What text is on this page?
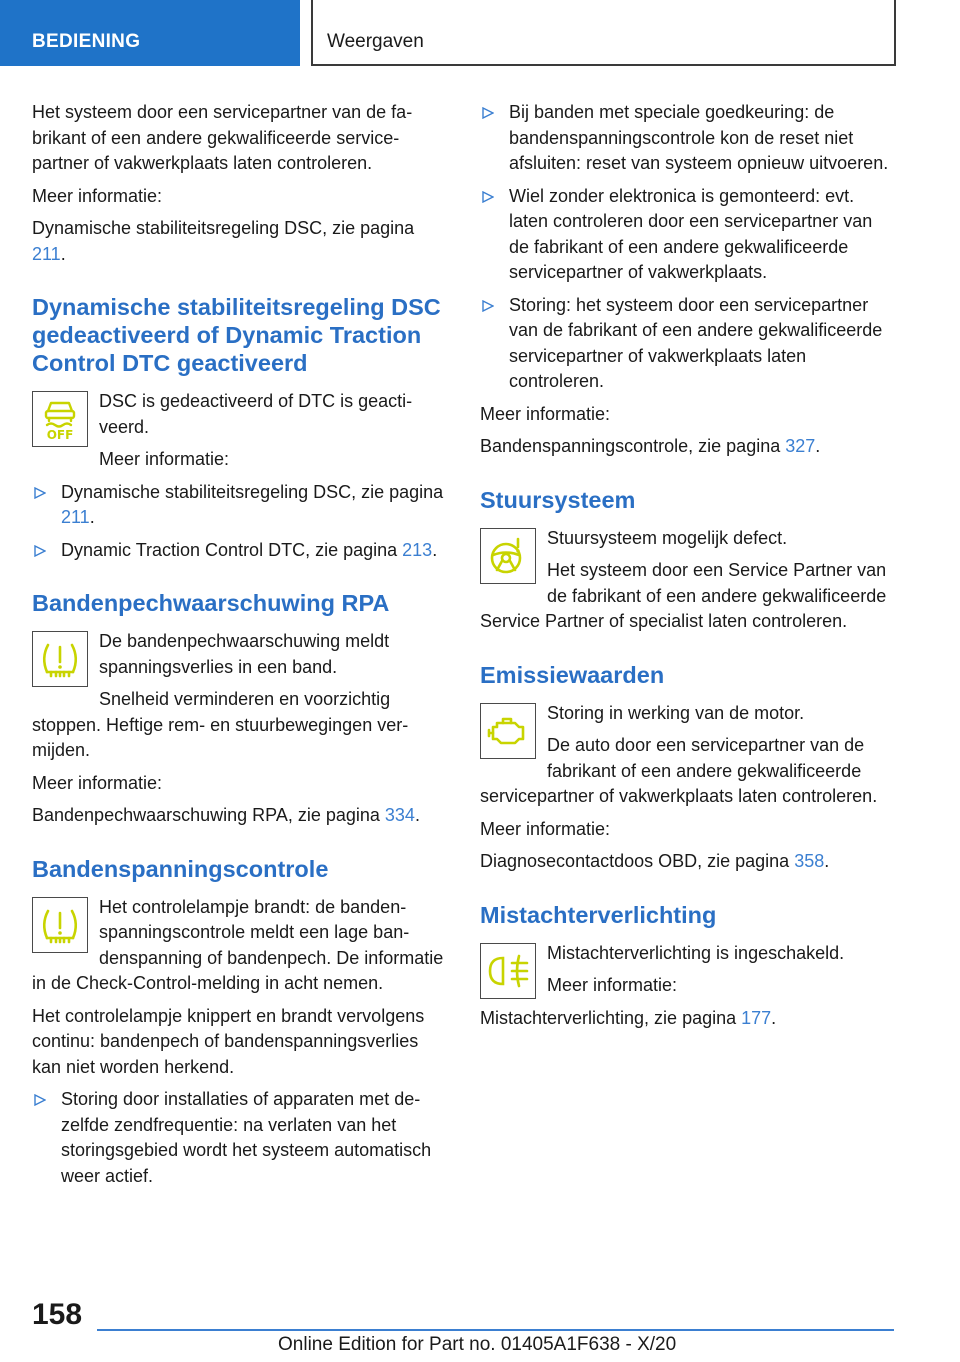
BEDIENING	Weergaven

Het systeem door een servicepartner van de fabrikant of een andere gekwalificeerde servicepartner of vakwerkplaats laten controleren.

Meer informatie:

Dynamische stabiliteitsregeling DSC, zie pagina 211.

Dynamische stabiliteitsregeling DSC gedeactiveerd of Dynamic Traction Control DTC geactiveerd
OFF

DSC is gedeactiveerd of DTC is geactiveerd.

Meer informatie:

Dynamische stabiliteitsregeling DSC, zie pagina 211.
Dynamic Traction Control DTC, zie pagina 213.
Bandenpechwaarschuwing RPA

De bandenpechwaarschuwing meldt spanningsverlies in een band.

Snelheid verminderen en voorzichtig stoppen. Heftige rem- en stuurbewegingen vermijden.

Meer informatie:

Bandenpechwaarschuwing RPA, zie pagina 334.

Bandenspanningscontrole

Het controlelampje brandt: de bandenspanningscontrole meldt een lage bandenspanning of bandenpech. De informatie in de Check-Control-melding in acht nemen.

Het controlelampje knippert en brandt vervolgens continu: bandenpech of bandenspanningsverlies kan niet worden herkend.

Storing door installaties of apparaten met dezelfde zendfrequentie: na verlaten van het storingsgebied wordt het systeem automatisch weer actief.
Bij banden met speciale goedkeuring: de bandenspanningscontrole kon de reset niet afsluiten: reset van systeem opnieuw uitvoeren.
Wiel zonder elektronica is gemonteerd: evt. laten controleren door een servicepartner van de fabrikant of een andere gekwalificeerde servicepartner of vakwerkplaats.
Storing: het systeem door een servicepartner van de fabrikant of een andere gekwalificeerde servicepartner of vakwerkplaats laten controleren.

Meer informatie:

Bandenspanningscontrole, zie pagina 327.

Stuursysteem

Stuursysteem mogelijk defect.

Het systeem door een Service Partner van de fabrikant of een andere gekwalificeerde Service Partner of specialist laten controleren.

Emissiewaarden

Storing in werking van de motor.

De auto door een servicepartner van de fabrikant of een andere gekwalificeerde servicepartner of vakwerkplaats laten controleren.

Meer informatie:

Diagnosecontactdoos OBD, zie pagina 358.

Mistachterverlichting

Mistachterverlichting is ingeschakeld.

Meer informatie:

Mistachterverlichting, zie pagina 177.

158
Online Edition for Part no. 01405A1F638 - X/20
